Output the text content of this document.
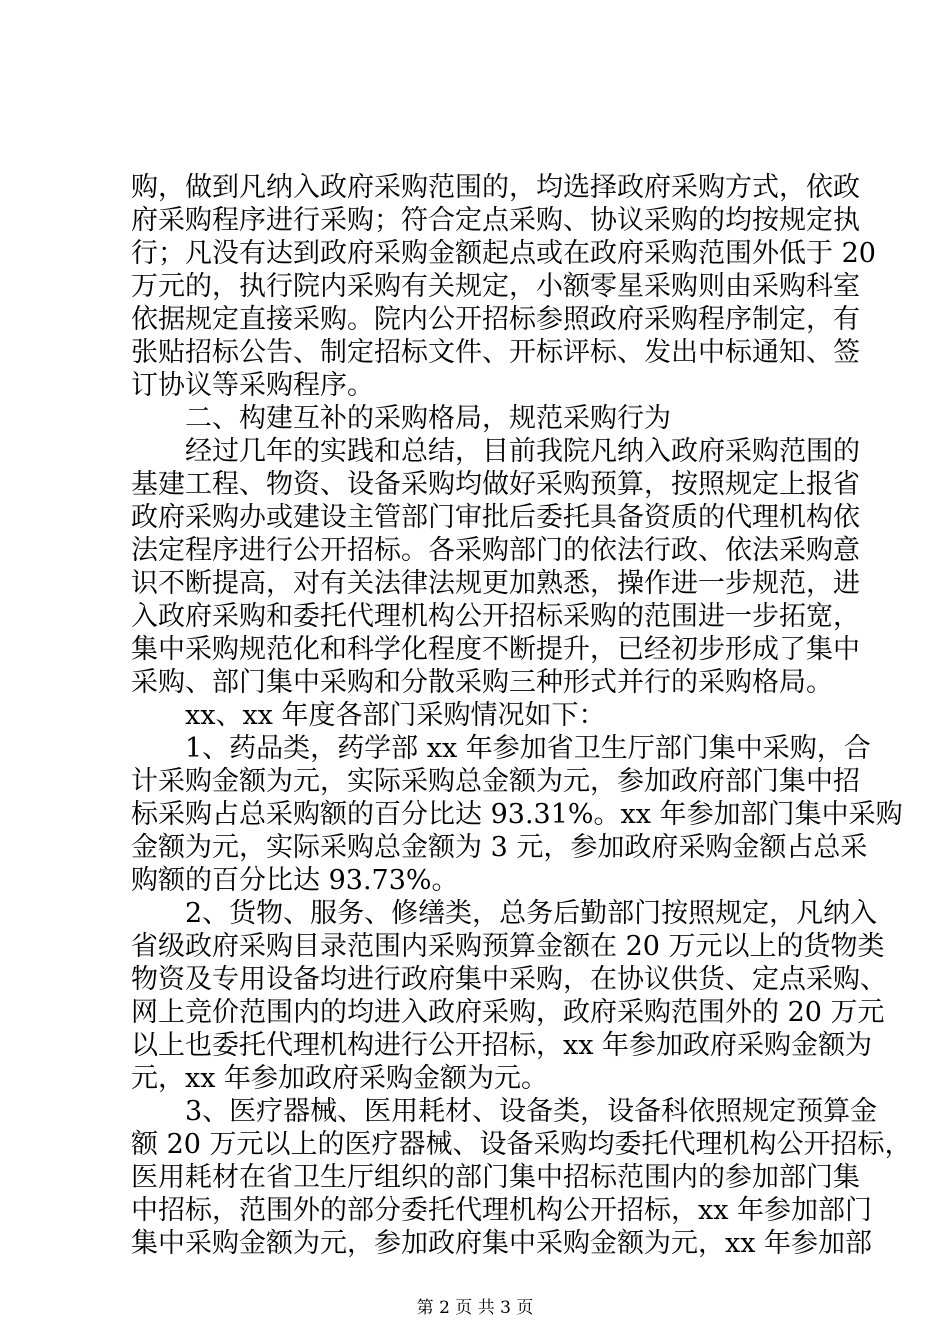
购，做到凡纳入政府采购范围的，均选择政府采购方式，依政
府采购程序进行采购；符合定点采购、协议采购的均按规定执
行；凡没有达到政府采购金额起点或在政府采购范围外低于 20
万元的，执行院内采购有关规定，小额零星采购则由采购科室
依据规定直接采购。院内公开招标参照政府采购程序制定，有
张贴招标公告、制定招标文件、开标评标、发出中标通知、签
订协议等采购程序。
二、构建互补的采购格局，规范采购行为
经过几年的实践和总结，目前我院凡纳入政府采购范围的
基建工程、物资、设备采购均做好采购预算，按照规定上报省
政府采购办或建设主管部门审批后委托具备资质的代理机构依
法定程序进行公开招标。各采购部门的依法行政、依法采购意
识不断提高，对有关法律法规更加熟悉，操作进一步规范，进
入政府采购和委托代理机构公开招标采购的范围进一步拓宽，
集中采购规范化和科学化程度不断提升，已经初步形成了集中
采购、部门集中采购和分散采购三种形式并行的采购格局。
xx、xx 年度各部门采购情况如下：
1、药品类，药学部 xx 年参加省卫生厅部门集中采购，合
计采购金额为元，实际采购总金额为元，参加政府部门集中招
标采购占总采购额的百分比达 93.31%。xx 年参加部门集中采购
金额为元，实际采购总金额为 3 元，参加政府采购金额占总采
购额的百分比达 93.73%。
2、货物、服务、修缮类，总务后勤部门按照规定，凡纳入
省级政府采购目录范围内采购预算金额在 20 万元以上的货物类
物资及专用设备均进行政府集中采购，在协议供货、定点采购、
网上竞价范围内的均进入政府采购，政府采购范围外的 20 万元
以上也委托代理机构进行公开招标，xx 年参加政府采购金额为
元，xx 年参加政府采购金额为元。
3、医疗器械、医用耗材、设备类，设备科依照规定预算金
额 20 万元以上的医疗器械、设备采购均委托代理机构公开招标，
医用耗材在省卫生厅组织的部门集中招标范围内的参加部门集
中招标，范围外的部分委托代理机构公开招标，xx 年参加部门
集中采购金额为元，参加政府集中采购金额为元，xx 年参加部
第 2 页 共 3 页
